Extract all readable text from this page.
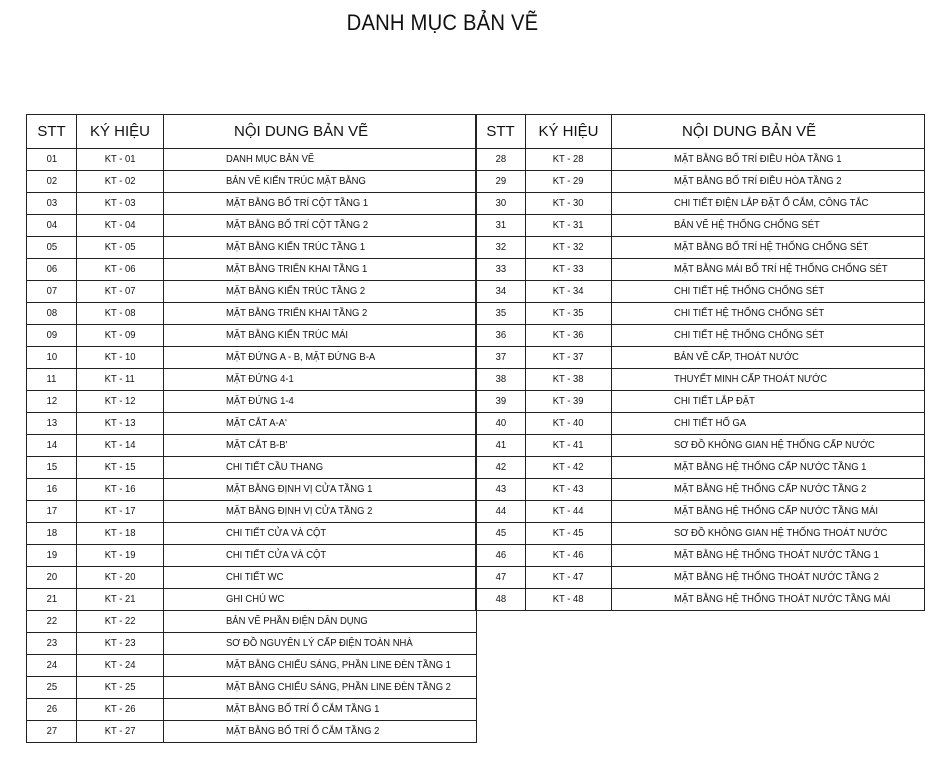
DANH MỤC BẢN VẼ
STT	KÝ HIỆU	NỘI DUNG BẢN VẼ
01	KT - 01	DANH MỤC BẢN VẼ
02	KT - 02	BẢN VẼ KIẾN TRÚC MẶT BẰNG
03	KT - 03	MẶT BẰNG BỐ TRÍ CỘT TẦNG 1
04	KT - 04	MẶT BẰNG BỐ TRÍ CỘT TẦNG 2
05	KT - 05	MẶT BẰNG KIẾN TRÚC TẦNG 1
06	KT - 06	MẶT BẰNG TRIỂN KHAI TẦNG 1
07	KT - 07	MẶT BẰNG KIẾN TRÚC TẦNG 2
08	KT - 08	MẶT BẰNG TRIỂN KHAI TẦNG 2
09	KT - 09	MẶT BẰNG KIẾN TRÚC MÁI
10	KT - 10	MẶT ĐỨNG A - B, MẶT ĐỨNG B-A
11	KT - 11	MẶT ĐỨNG 4-1
12	KT - 12	MẶT ĐỨNG 1-4
13	KT - 13	MẶT CẮT A-A'
14	KT - 14	MẶT CẮT B-B'
15	KT - 15	CHI TIẾT CẦU THANG
16	KT - 16	MẶT BẰNG ĐỊNH VỊ CỬA TẦNG 1
17	KT - 17	MẶT BẰNG ĐỊNH VỊ CỬA TẦNG 2
18	KT - 18	CHI TIẾT CỬA VÀ CỘT
19	KT - 19	CHI TIẾT CỬA VÀ CỘT
20	KT - 20	CHI TIẾT WC
21	KT - 21	GHI CHÚ WC
22	KT - 22	BẢN VẼ PHẦN ĐIỆN DÂN DỤNG
23	KT - 23	SƠ ĐỒ NGUYÊN LÝ CẤP ĐIỆN TOÀN NHÀ
24	KT - 24	MẶT BẰNG CHIẾU SÁNG, PHẦN LINE ĐÈN TẦNG 1
25	KT - 25	MẶT BẰNG CHIẾU SÁNG, PHẦN LINE ĐÈN TẦNG 2
26	KT - 26	MẶT BẰNG BỐ TRÍ Ổ CẮM TẦNG 1
27	KT - 27	MẶT BẰNG BỐ TRÍ Ổ CẮM TẦNG 2
STT	KÝ HIỆU	NỘI DUNG BẢN VẼ
28	KT - 28	MẶT BẰNG BỐ TRÍ ĐIỀU HÒA TẦNG 1
29	KT - 29	MẶT BẰNG BỐ TRÍ ĐIỀU HÒA TẦNG 2
30	KT - 30	CHI TIẾT ĐIỆN LẮP ĐẶT Ổ CẮM, CÔNG TẮC
31	KT - 31	BẢN VẼ HỆ THỐNG CHỐNG SÉT
32	KT - 32	MẶT BẰNG BỐ TRÍ HỆ THỐNG CHỐNG SÉT
33	KT - 33	MẶT BẰNG MÁI BỐ TRÍ HỆ THỐNG CHỐNG SÉT
34	KT - 34	CHI TIẾT HỆ THỐNG CHỐNG SÉT
35	KT - 35	CHI TIẾT HỆ THỐNG CHỐNG SÉT
36	KT - 36	CHI TIẾT HỆ THỐNG CHỐNG SÉT
37	KT - 37	BẢN VẼ CẤP, THOÁT NƯỚC
38	KT - 38	THUYẾT MINH CẤP THOÁT NƯỚC
39	KT - 39	CHI TIẾT LẮP ĐẶT
40	KT - 40	CHI TIẾT HỐ GA
41	KT - 41	SƠ ĐỒ KHÔNG GIAN HỆ THỐNG CẤP NƯỚC
42	KT - 42	MẶT BẰNG HỆ THỐNG CẤP NƯỚC TẦNG 1
43	KT - 43	MẶT BẰNG HỆ THỐNG CẤP NƯỚC TẦNG 2
44	KT - 44	MẶT BẰNG HỆ THỐNG CẤP NƯỚC TẦNG MÁI
45	KT - 45	SƠ ĐỒ KHÔNG GIAN HỆ THỐNG THOÁT NƯỚC
46	KT - 46	MẶT BẰNG HỆ THỐNG THOÁT NƯỚC TẦNG 1
47	KT - 47	MẶT BẰNG HỆ THỐNG THOÁT NƯỚC TẦNG 2
48	KT - 48	MẶT BẰNG HỆ THỐNG THOÁT NƯỚC TẦNG MÁI
